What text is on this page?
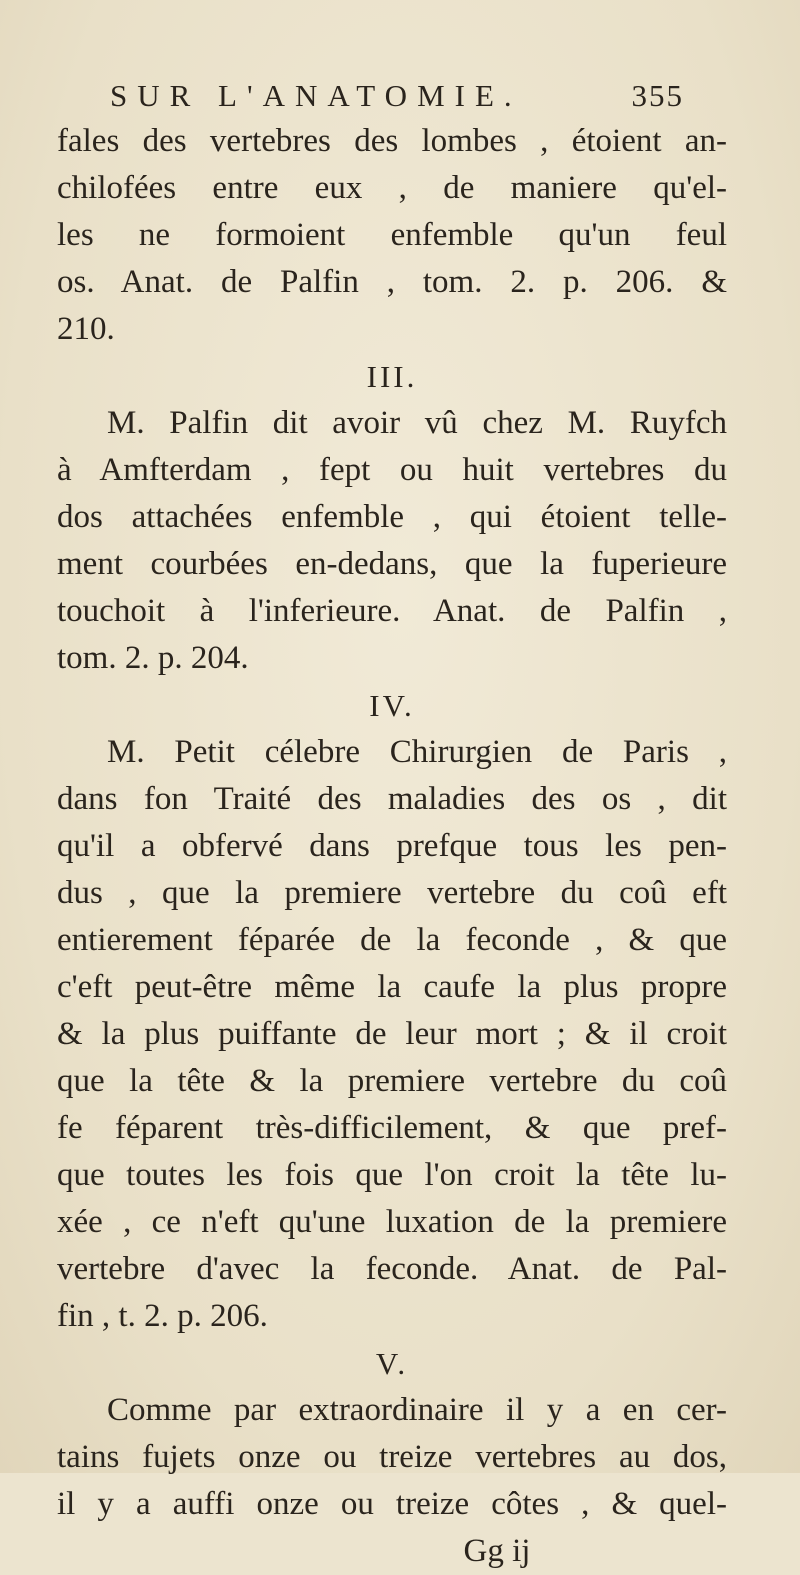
SUR L'ANATOMIE.	355
fales des vertebres des lombes , étoient an-
chilofées entre eux , de maniere qu'el-
les ne formoient enfemble qu'un feul
os. Anat. de Palfin , tom. 2. p. 206. &
210.
III.
M. Palfin dit avoir vû chez M. Ruyfch
à Amfterdam , fept ou huit vertebres du
dos attachées enfemble , qui étoient telle-
ment courbées en-dedans, que la fuperieure
touchoit à l'inferieure. Anat. de Palfin ,
tom. 2. p. 204.
IV.
M. Petit célebre Chirurgien de Paris ,
dans fon Traité des maladies des os , dit
qu'il a obfervé dans prefque tous les pen-
dus , que la premiere vertebre du coû eft
entierement féparée de la feconde , & que
c'eft peut-être même la caufe la plus propre
& la plus puiffante de leur mort ; & il croit
que la tête & la premiere vertebre du coû
fe féparent très-difficilement, & que pref-
que toutes les fois que l'on croit la tête lu-
xée , ce n'eft qu'une luxation de la premiere
vertebre d'avec la feconde. Anat. de Pal-
fin , t. 2. p. 206.
V.
Comme par extraordinaire il y a en cer-
tains fujets onze ou treize vertebres au dos,
il y a auffi onze ou treize côtes , & quel-
Gg ij
